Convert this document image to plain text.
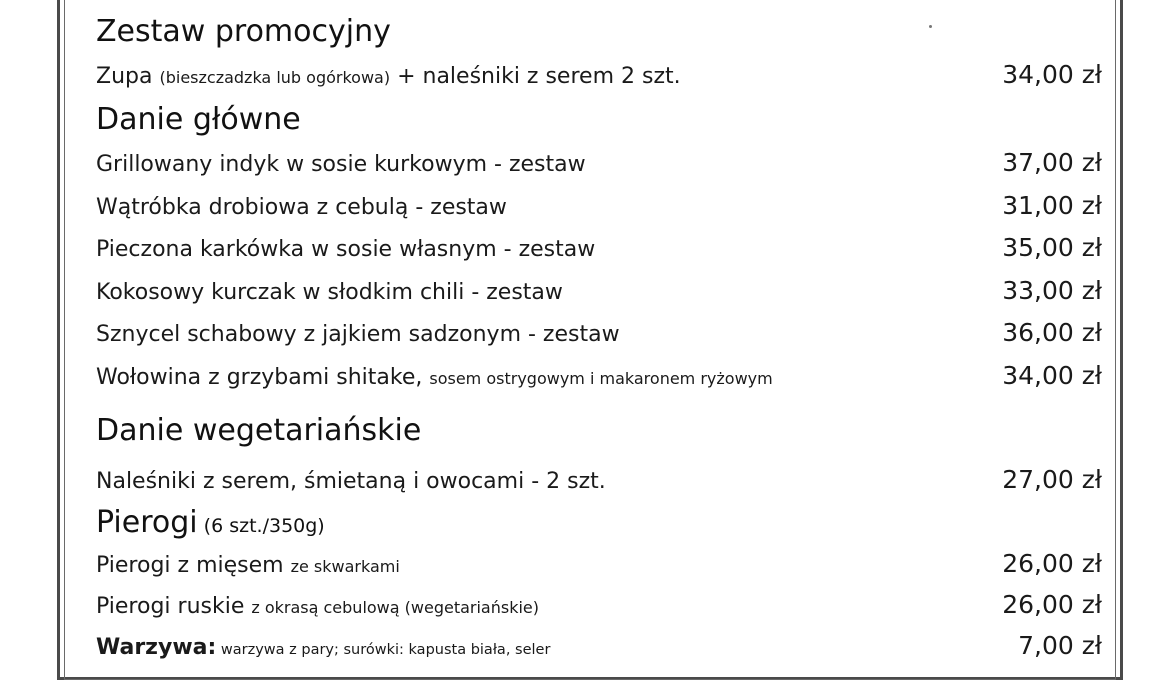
Zestaw promocyjny
Zupa (bieszczadzka lub ogórkowa) + naleśniki z serem 2 szt.	34,00 zł
Danie główne
Grillowany indyk w sosie kurkowym - zestaw	37,00 zł
Wątróbka drobiowa z cebulą - zestaw	31,00 zł
Pieczona karkówka w sosie własnym - zestaw	35,00 zł
Kokosowy kurczak w słodkim chili - zestaw	33,00 zł
Sznycel schabowy z jajkiem sadzonym - zestaw	36,00 zł
Wołowina z grzybami shitake, sosem ostrygowym i makaronem ryżowym	34,00 zł
Danie wegetariańskie
Naleśniki z serem, śmietaną i owocami - 2 szt.	27,00 zł
Pierogi (6 szt./350g)
Pierogi z mięsem ze skwarkami	26,00 zł
Pierogi ruskie z okrasą cebulową (wegetariańskie)	26,00 zł
Warzywa: warzywa z pary; surówki: kapusta biała, seler	7,00 zł
